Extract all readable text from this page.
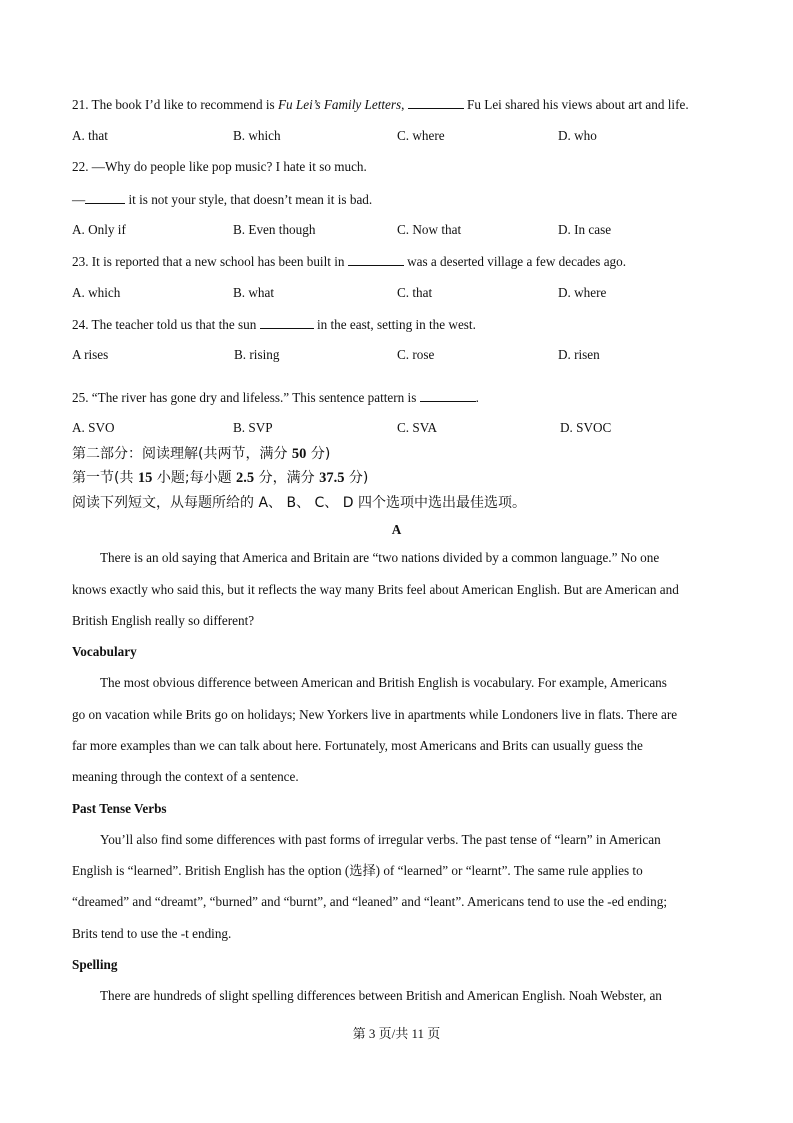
21. The book I’d like to recommend is Fu Lei’s Family Letters,	Fu Lei shared his views about art and life.
A. that	B. which	C. where	D. who
22. —Why do people like pop music? I hate it so much.
—	it is not your style, that doesn’t mean it is bad.
A. Only if	B. Even though	C. Now that	D. In case
23. It is reported that a new school has been built in	was a deserted village a few decades ago.
A. which	B. what	C. that	D. where
24. The teacher told us that the sun	in the east, setting in the west.
A rises	B. rising	C. rose	D. risen
25. “The river has gone dry and lifeless.” This sentence pattern is	.
A. SVO	B. SVP	C. SVA	D. SVOC
第二部分：阅读理解(共两节，满分 50 分)
第一节(共 15 小题;每小题 2.5 分，满分 37.5 分)
阅读下列短文，从每题所给的 A、 B、 C、 D 四个选项中选出最佳选项。
A
There is an old saying that America and Britain are “two nations divided by a common language.” No one
knows exactly who said this, but it reflects the way many Brits feel about American English. But are American and
British English really so different?
Vocabulary
The most obvious difference between American and British English is vocabulary. For example, Americans
go on vacation while Brits go on holidays; New Yorkers live in apartments while Londoners live in flats. There are
far more examples than we can talk about here. Fortunately, most Americans and Brits can usually guess the
meaning through the context of a sentence.
Past Tense Verbs
You’ll also find some differences with past forms of irregular verbs. The past tense of “learn” in American
English is “learned”. British English has the option (选择) of “learned” or “learnt”. The same rule applies to
“dreamed” and “dreamt”, “burned” and “burnt”, and “leaned” and “leant”. Americans tend to use the -ed ending;
Brits tend to use the -t ending.
Spelling
There are hundreds of slight spelling differences between British and American English. Noah Webster, an
第 3 页/共 11 页
